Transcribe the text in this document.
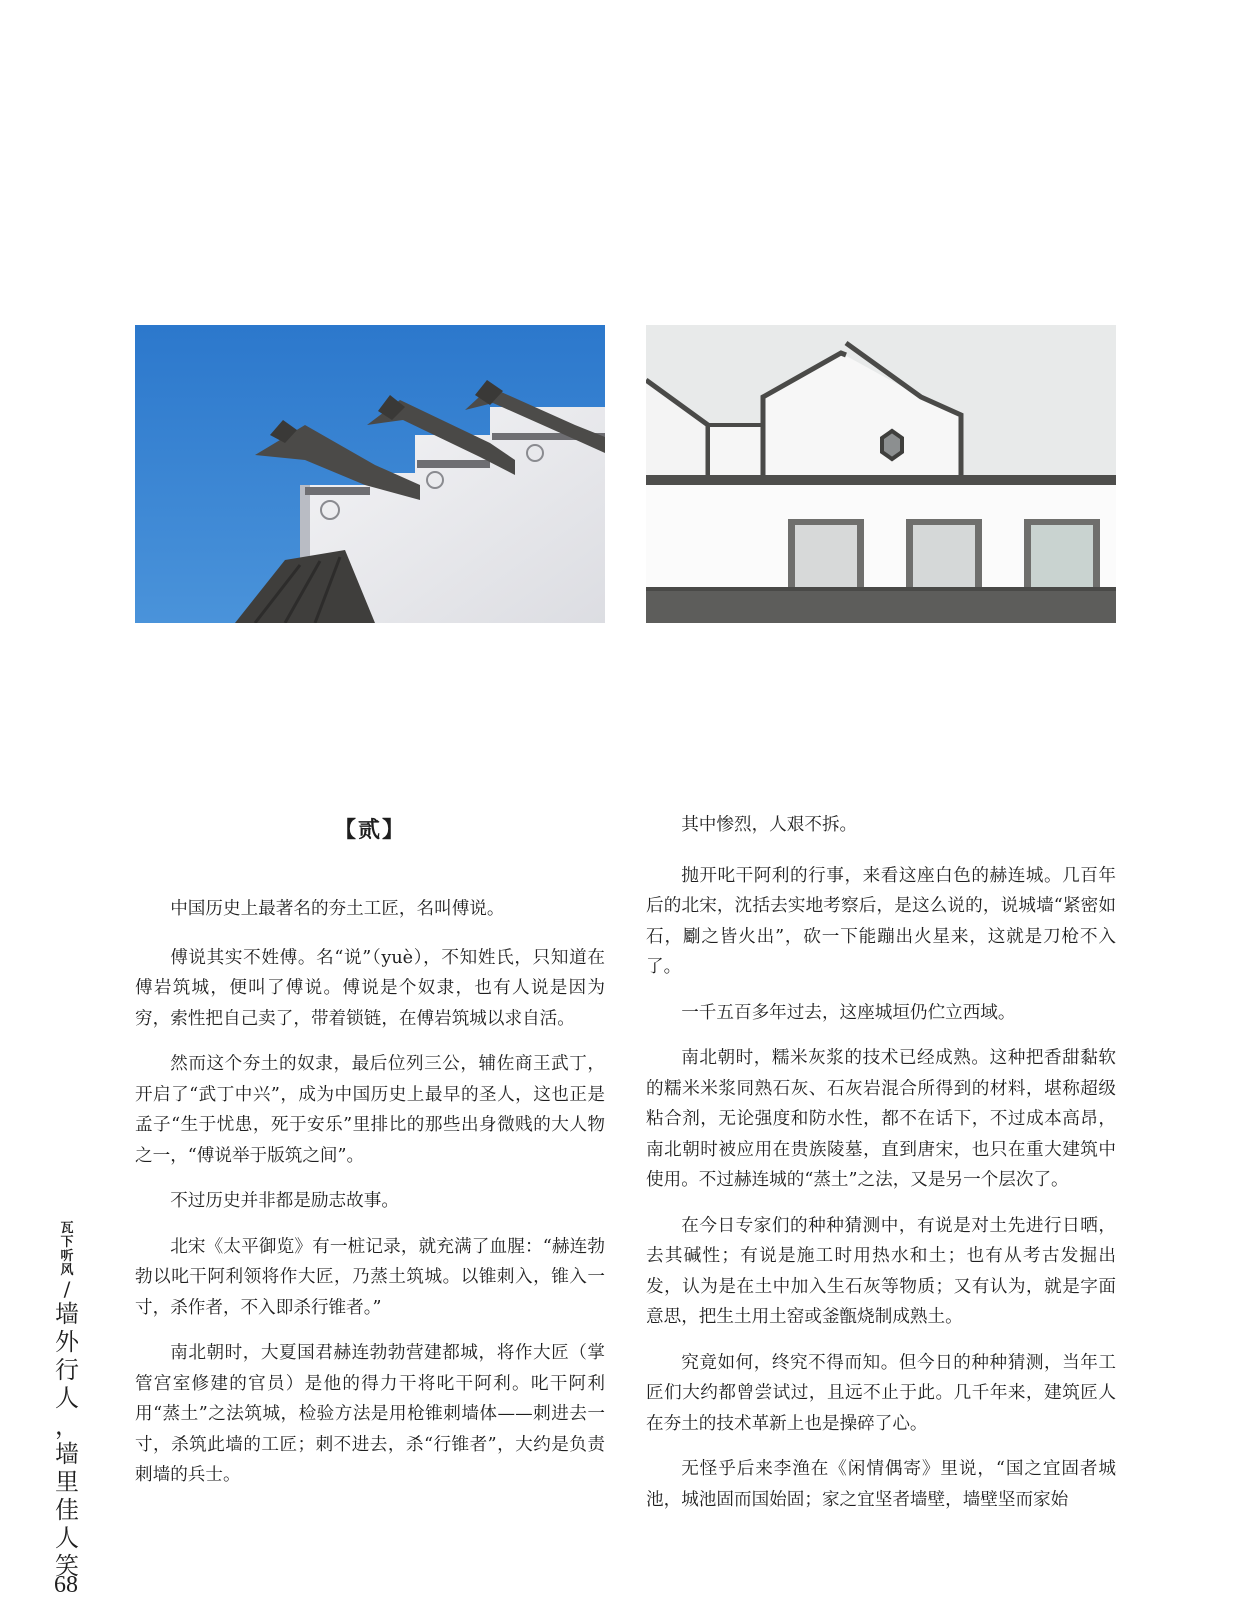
【贰】

中国历史上最著名的夯土工匠，名叫傅说。

傅说其实不姓傅。名“说”（yuè），不知姓氏，只知道在傅岩筑城，便叫了傅说。傅说是个奴隶，也有人说是因为穷，索性把自己卖了，带着锁链，在傅岩筑城以求自活。

然而这个夯土的奴隶，最后位列三公，辅佐商王武丁，开启了“武丁中兴”，成为中国历史上最早的圣人，这也正是孟子“生于忧患，死于安乐”里排比的那些出身微贱的大人物之一，“傅说举于版筑之间”。

不过历史并非都是励志故事。

北宋《太平御览》有一桩记录，就充满了血腥：“赫连勃勃以叱干阿利领将作大匠，乃蒸土筑城。以锥刺入，锥入一寸，杀作者，不入即杀行锥者。”

南北朝时，大夏国君赫连勃勃营建都城，将作大匠（掌管宫室修建的官员）是他的得力干将叱干阿利。叱干阿利用“蒸土”之法筑城，检验方法是用枪锥刺墙体——刺进去一寸，杀筑此墙的工匠；刺不进去，杀“行锥者”，大约是负责刺墙的兵士。

其中惨烈，人艰不拆。

抛开叱干阿利的行事，来看这座白色的赫连城。几百年后的北宋，沈括去实地考察后，是这么说的，说城墙“紧密如石，劚之皆火出”，砍一下能蹦出火星来，这就是刀枪不入了。

一千五百多年过去，这座城垣仍伫立西域。

南北朝时，糯米灰浆的技术已经成熟。这种把香甜黏软的糯米米浆同熟石灰、石灰岩混合所得到的材料，堪称超级粘合剂，无论强度和防水性，都不在话下，不过成本高昂，南北朝时被应用在贵族陵墓，直到唐宋，也只在重大建筑中使用。不过赫连城的“蒸土”之法，又是另一个层次了。

在今日专家们的种种猜测中，有说是对土先进行日晒，去其碱性；有说是施工时用热水和土；也有从考古发掘出发，认为是在土中加入生石灰等物质；又有认为，就是字面意思，把生土用土窑或釜甑烧制成熟土。

究竟如何，终究不得而知。但今日的种种猜测，当年工匠们大约都曾尝试过，且远不止于此。几千年来，建筑匠人在夯土的技术革新上也是操碎了心。

无怪乎后来李渔在《闲情偶寄》里说，“国之宜固者城池，城池固而国始固；家之宜坚者墙壁，墙壁坚而家始

瓦
下
听
风
/
墙
外
行
人
，
墙
里
佳
人
笑
68
